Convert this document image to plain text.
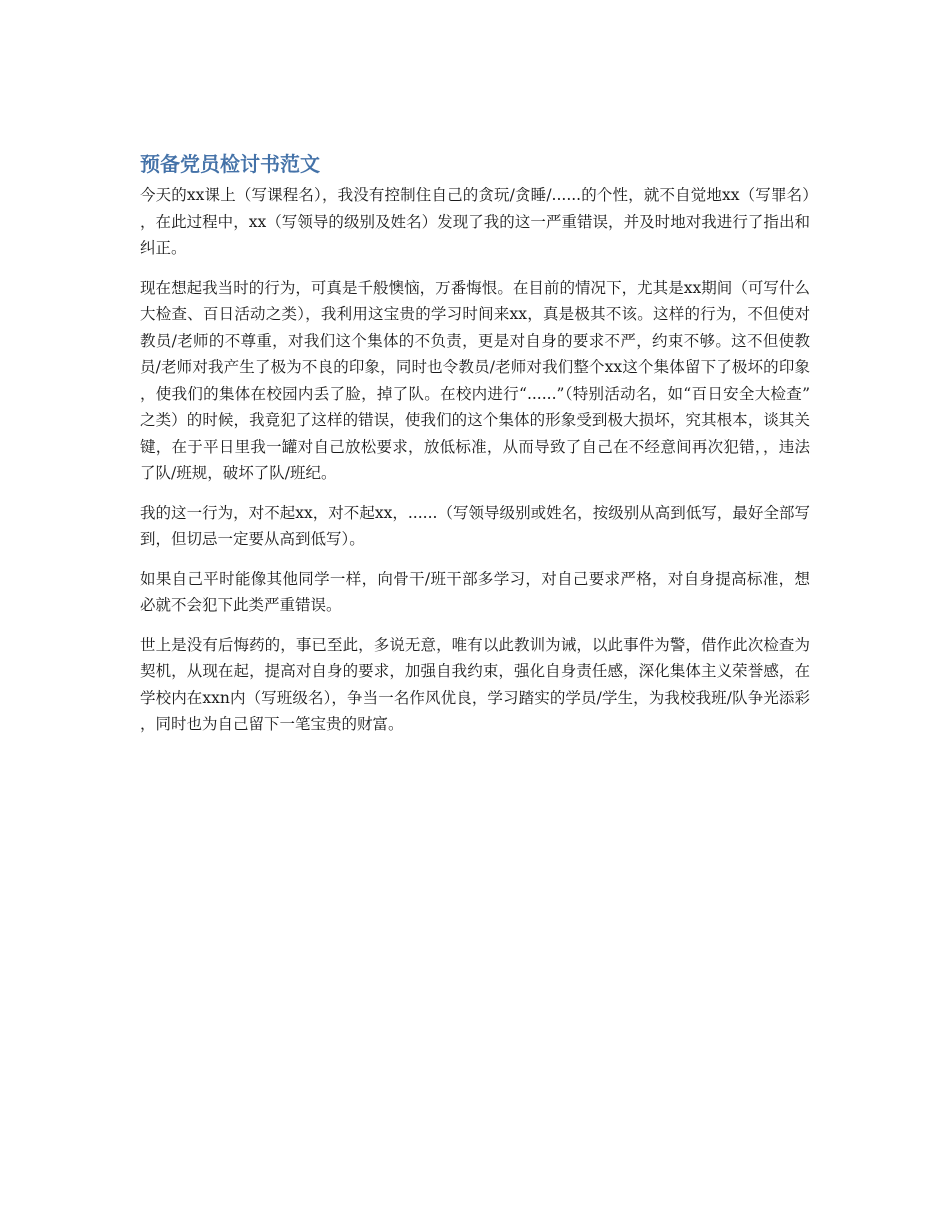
预备党员检讨书范文

今天的xx课上（写课程名），我没有控制住自己的贪玩/贪睡/......的个性，就不自觉地xx（写罪名），在此过程中，xx（写领导的级别及姓名）发现了我的这一严重错误，并及时地对我进行了指出和纠正。

现在想起我当时的行为，可真是千般懊恼，万番悔恨。在目前的情况下，尤其是xx期间（可写什么大检查、百日活动之类），我利用这宝贵的学习时间来xx，真是极其不该。这样的行为，不但使对教员/老师的不尊重，对我们这个集体的不负责，更是对自身的要求不严，约束不够。这不但使教员/老师对我产生了极为不良的印象，同时也令教员/老师对我们整个xx这个集体留下了极坏的印象，使我们的集体在校园内丢了脸，掉了队。在校内进行“......”（特别活动名，如“百日安全大检查”之类）的时候，我竟犯了这样的错误，使我们的这个集体的形象受到极大损坏，究其根本，谈其关键，在于平日里我一罐对自己放松要求，放低标准，从而导致了自己在不经意间再次犯错，，违法了队/班规，破坏了队/班纪。

我的这一行为，对不起xx，对不起xx，......（写领导级别或姓名，按级别从高到低写，最好全部写到，但切忌一定要从高到低写）。

如果自己平时能像其他同学一样，向骨干/班干部多学习，对自己要求严格，对自身提高标准，想必就不会犯下此类严重错误。

世上是没有后悔药的，事已至此，多说无意，唯有以此教训为诫，以此事件为警，借作此次检查为契机，从现在起，提高对自身的要求，加强自我约束，强化自身责任感，深化集体主义荣誉感，在学校内在xxn内（写班级名），争当一名作风优良，学习踏实的学员/学生，为我校我班/队争光添彩，同时也为自己留下一笔宝贵的财富。
